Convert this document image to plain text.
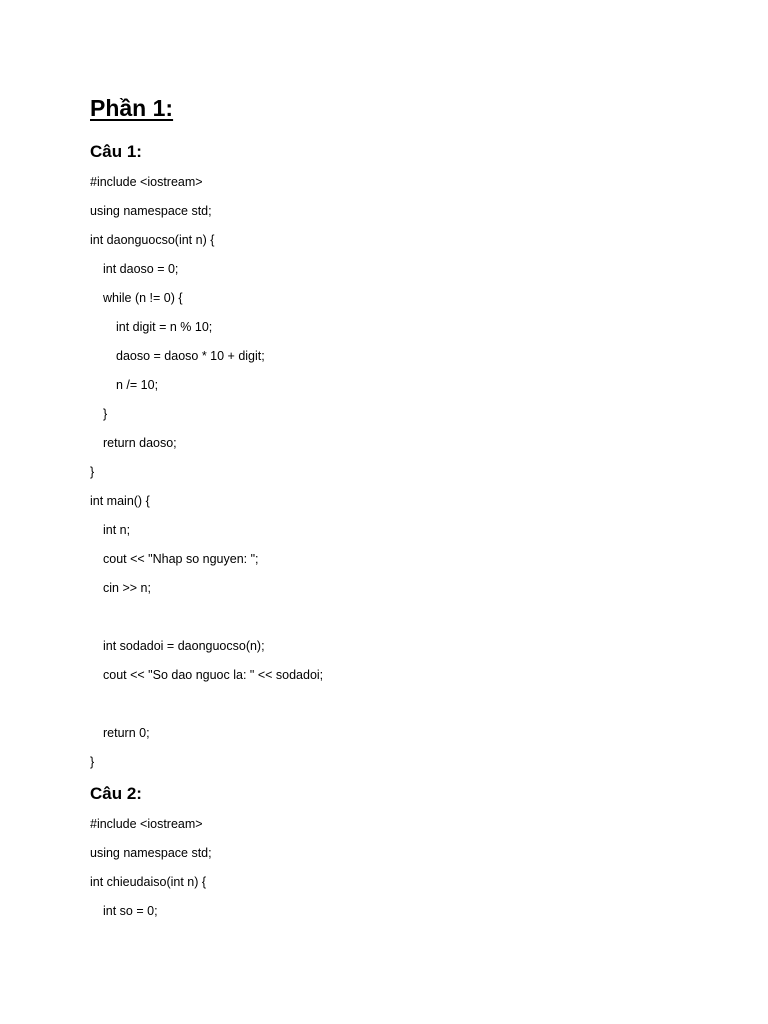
Phần 1:
Câu 1:
#include <iostream>
using namespace std;
int daonguocso(int n) {
int daoso = 0;
while (n != 0) {
int digit = n % 10;
daoso = daoso * 10 + digit;
n /= 10;
}
return daoso;
}
int main() {
int n;
cout << "Nhap so nguyen: ";
cin >> n;
int sodadoi = daonguocso(n);
cout << "So dao nguoc la: " << sodadoi;
return 0;
}
Câu 2:
#include <iostream>
using namespace std;
int chieudaiso(int n) {
int so = 0;
